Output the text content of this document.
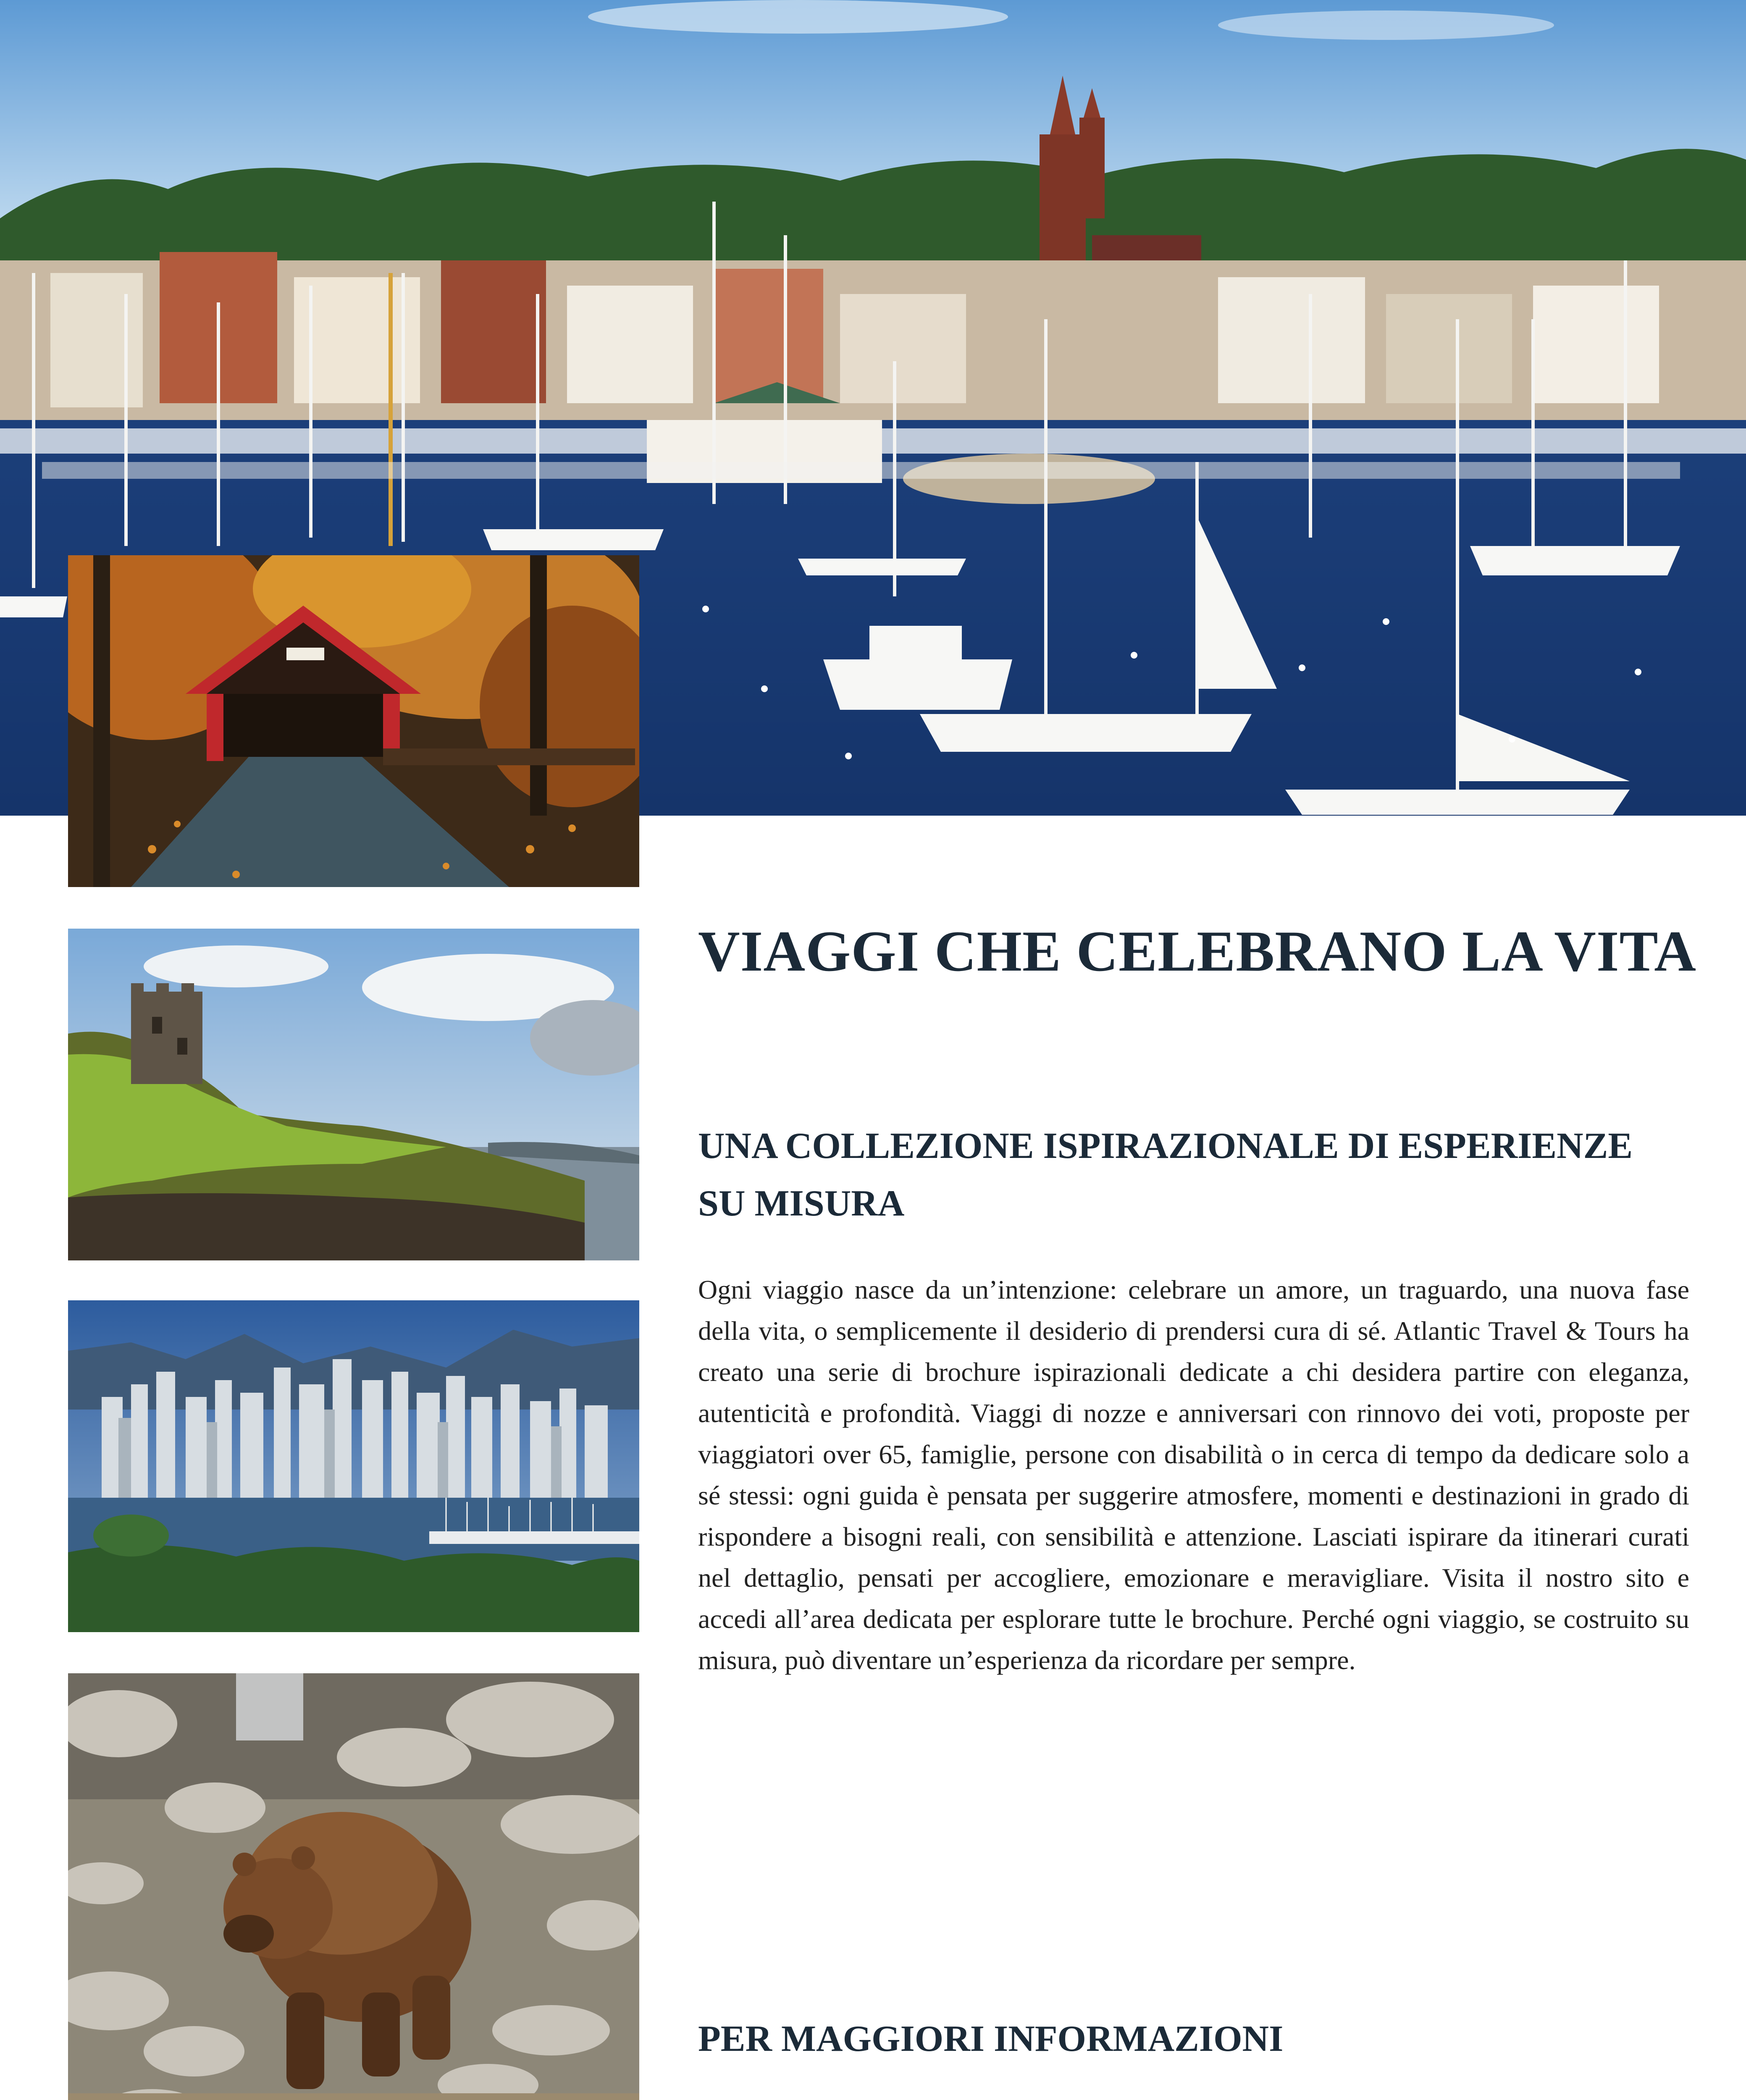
VIAGGI CHE CELEBRANO LA VITA
UNA COLLEZIONE ISPIRAZIONALE DI ESPERIENZE SU MISURA

Ogni viaggio nasce da un’intenzione: celebrare un amore, un traguardo, una nuova fase della vita, o semplicemente il desiderio di prendersi cura di sé. Atlantic Travel & Tours ha creato una serie di brochure ispirazionali dedicate a chi desidera partire con eleganza, autenticità e profondità. Viaggi di nozze e anniversari con rinnovo dei voti, proposte per viaggiatori over 65, famiglie, persone con disabilità o in cerca di tempo da dedicare solo a sé stessi: ogni guida è pensata per suggerire atmosfere, momenti e destinazioni in grado di rispondere a bisogni reali, con sensibilità e attenzione. Lasciati ispirare da itinerari curati nel dettaglio, pensati per accogliere, emozionare e meravigliare. Visita il nostro sito e accedi all’area dedicata per esplorare tutte le brochure. Perché ogni viaggio, se costruito su misura, può diventare un’esperienza da ricordare per sempre.

PER MAGGIORI INFORMAZIONI
